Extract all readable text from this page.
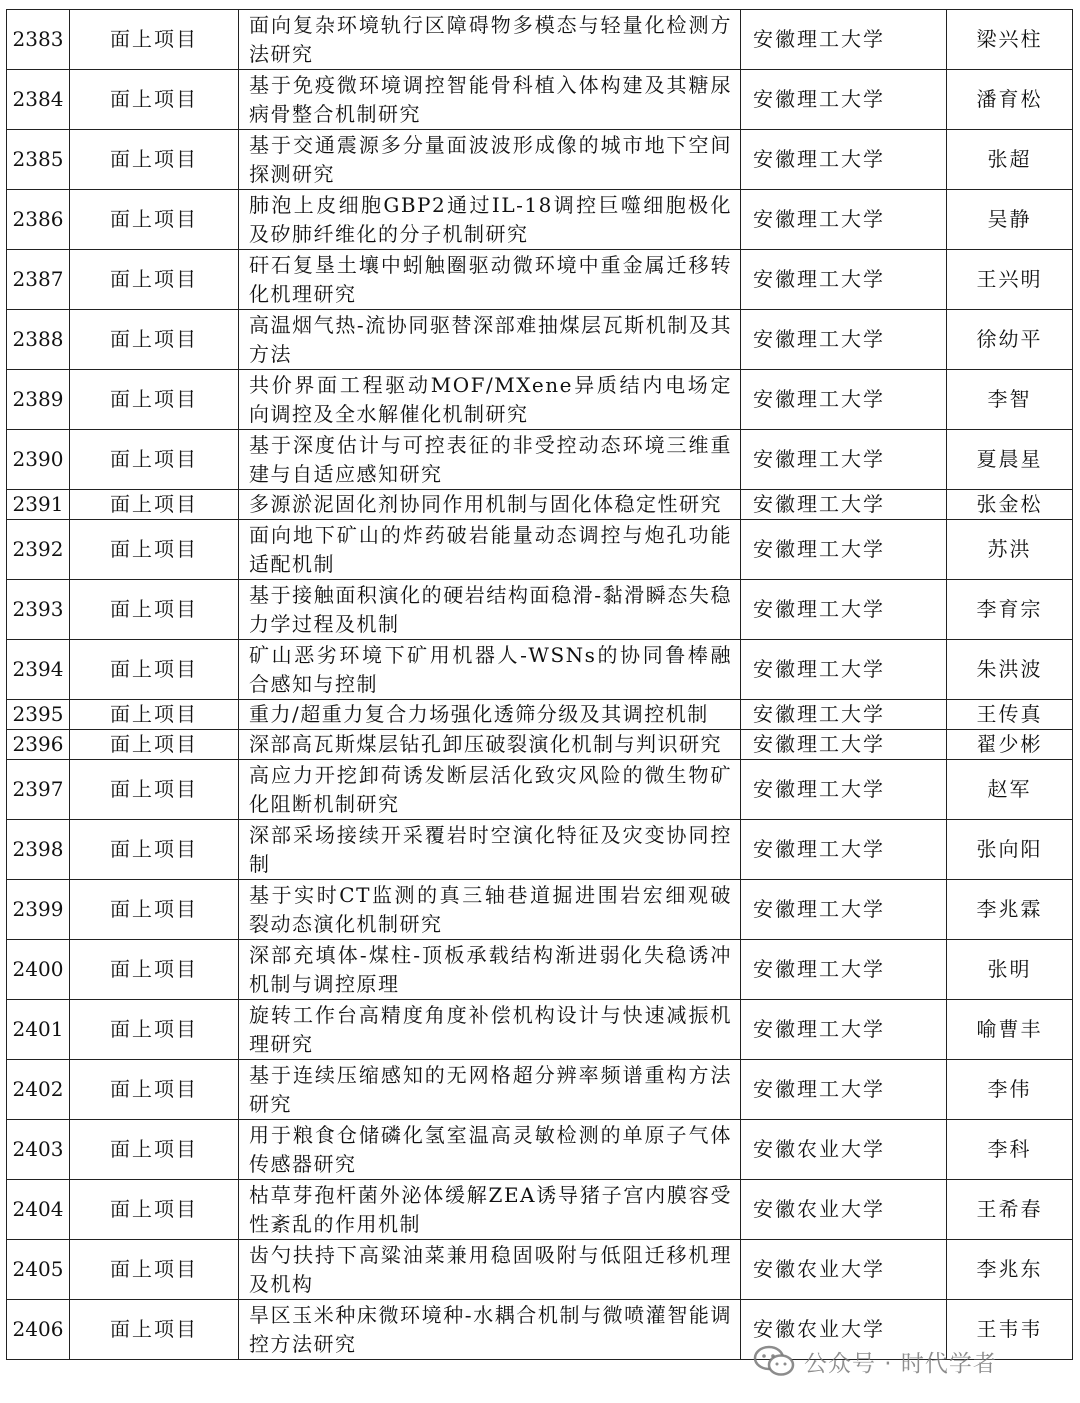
2383	面上项目	面向复杂环境轨行区障碍物多模态与轻量化检测方法研究	安徽理工大学	梁兴柱
2384	面上项目	基于免疫微环境调控智能骨科植入体构建及其糖尿病骨整合机制研究	安徽理工大学	潘育松
2385	面上项目	基于交通震源多分量面波波形成像的城市地下空间探测研究	安徽理工大学	张超
2386	面上项目	肺泡上皮细胞GBP2通过IL-18调控巨噬细胞极化及矽肺纤维化的分子机制研究	安徽理工大学	吴静
2387	面上项目	矸石复垦土壤中蚓触圈驱动微环境中重金属迁移转化机理研究	安徽理工大学	王兴明
2388	面上项目	高温烟气热-流协同驱替深部难抽煤层瓦斯机制及其方法	安徽理工大学	徐幼平
2389	面上项目	共价界面工程驱动MOF/MXene异质结内电场定向调控及全水解催化机制研究	安徽理工大学	李智
2390	面上项目	基于深度估计与可控表征的非受控动态环境三维重建与自适应感知研究	安徽理工大学	夏晨星
2391	面上项目	多源淤泥固化剂协同作用机制与固化体稳定性研究	安徽理工大学	张金松
2392	面上项目	面向地下矿山的炸药破岩能量动态调控与炮孔功能适配机制	安徽理工大学	苏洪
2393	面上项目	基于接触面积演化的硬岩结构面稳滑-黏滑瞬态失稳力学过程及机制	安徽理工大学	李育宗
2394	面上项目	矿山恶劣环境下矿用机器人-WSNs的协同鲁棒融合感知与控制	安徽理工大学	朱洪波
2395	面上项目	重力/超重力复合力场强化透筛分级及其调控机制	安徽理工大学	王传真
2396	面上项目	深部高瓦斯煤层钻孔卸压破裂演化机制与判识研究	安徽理工大学	翟少彬
2397	面上项目	高应力开挖卸荷诱发断层活化致灾风险的微生物矿化阻断机制研究	安徽理工大学	赵军
2398	面上项目	深部采场接续开采覆岩时空演化特征及灾变协同控制	安徽理工大学	张向阳
2399	面上项目	基于实时CT监测的真三轴巷道掘进围岩宏细观破裂动态演化机制研究	安徽理工大学	李兆霖
2400	面上项目	深部充填体-煤柱-顶板承载结构渐进弱化失稳诱冲机制与调控原理	安徽理工大学	张明
2401	面上项目	旋转工作台高精度角度补偿机构设计与快速减振机理研究	安徽理工大学	喻曹丰
2402	面上项目	基于连续压缩感知的无网格超分辨率频谱重构方法研究	安徽理工大学	李伟
2403	面上项目	用于粮食仓储磷化氢室温高灵敏检测的单原子气体传感器研究	安徽农业大学	李科
2404	面上项目	枯草芽孢杆菌外泌体缓解ZEA诱导猪子宫内膜容受性紊乱的作用机制	安徽农业大学	王希春
2405	面上项目	齿勺扶持下高粱油菜兼用稳固吸附与低阻迁移机理及机构	安徽农业大学	李兆东
2406	面上项目	旱区玉米种床微环境种-水耦合机制与微喷灌智能调控方法研究	安徽农业大学	王韦韦
公众号 · 时代学者
